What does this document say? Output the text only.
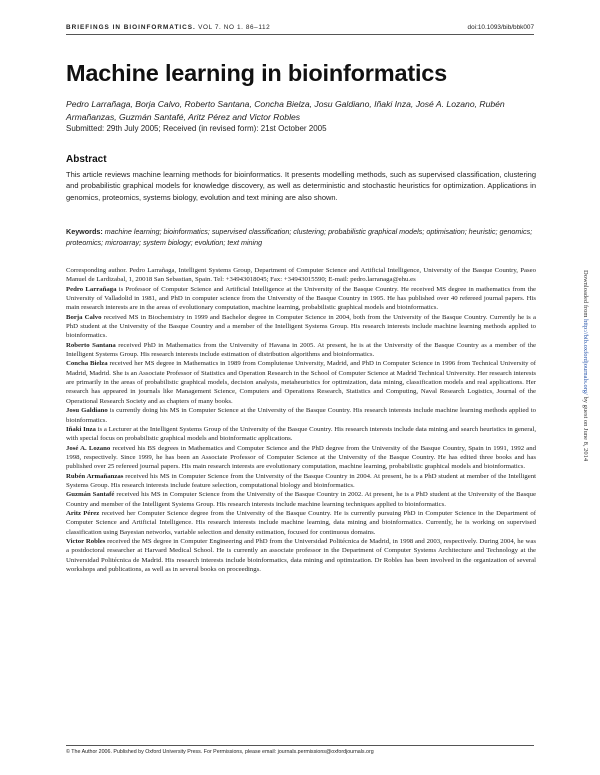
BRIEFINGS IN BIOINFORMATICS. VOL 7. NO 1. 86–112	doi:10.1093/bib/bbk007
Machine learning in bioinformatics
Pedro Larrañaga, Borja Calvo, Roberto Santana, Concha Bielza, Josu Galdiano, Iñaki Inza, José A. Lozano, Rubén Armañanzas, Guzmán Santafé, Aritz Pérez and Victor Robles
Submitted: 29th July 2005; Received (in revised form): 21st October 2005
Abstract

This article reviews machine learning methods for bioinformatics. It presents modelling methods, such as supervised classification, clustering and probabilistic graphical models for knowledge discovery, as well as deterministic and stochastic heuristics for optimization. Applications in genomics, proteomics, systems biology, evolution and text mining are also shown.

Keywords: machine learning; bioinformatics; supervised classification; clustering; probabilistic graphical models; optimisation; heuristic; genomics; proteomics; microarray; system biology; evolution; text mining

Corresponding author. Pedro Larrañaga, Intelligent Systems Group, Department of Computer Science and Artificial Intelligence, University of the Basque Country, Paseo Manuel de Lardizabal, 1, 20018 San Sebastian, Spain. Tel: +34943018045; Fax: +34943015590; E-mail: pedro.larranaga@ehu.es

Pedro Larrañaga is Professor of Computer Science and Artificial Intelligence at the University of the Basque Country. He received MS degree in mathematics from the University of Valladolid in 1981, and PhD in computer science from the University of the Basque Country in 1995. He has published over 40 refereed journal papers. His main research interests are in the areas of evolutionary computation, machine learning, probabilistic graphical models and bioinformatics.

Borja Calvo received MS in Biochemistry in 1999 and Bachelor degree in Computer Science in 2004, both from the University of the Basque Country. Currently he is a PhD student at the University of the Basque Country and a member of the Intelligent Systems Group. His research interests include machine learning methods applied to bioinformatics.

Roberto Santana received PhD in Mathematics from the University of Havana in 2005. At present, he is at the University of the Basque Country as a member of the Intelligent Systems Group. His research interests include estimation of distribution algorithms and bioinformatics.

Concha Bielza received her MS degree in Mathematics in 1989 from Complutense University, Madrid, and PhD in Computer Science in 1996 from Technical University of Madrid, Madrid. She is an Associate Professor of Statistics and Operation Research in the School of Computer Science at Madrid Technical University. Her research interests are primarily in the areas of probabilistic graphical models, decision analysis, metaheuristics for optimization, data mining, classification models and real applications. Her research has appeared in journals like Management Science, Computers and Operations Research, Statistics and Computing, Naval Research Logistics, Journal of the Operational Research Society and as chapters of many books.

Josu Galdiano is currently doing his MS in Computer Science at the University of the Basque Country. His research interests include machine learning methods applied to bioinformatics.

Iñaki Inza is a Lecturer at the Intelligent Systems Group of the University of the Basque Country. His research interests include data mining and search heuristics in general, with special focus on probabilistic graphical models and bioinformatic applications.

José A. Lozano received his BS degrees in Mathematics and Computer Science and the PhD degree from the University of the Basque Country, Spain in 1991, 1992 and 1998, respectively. Since 1999, he has been an Associate Professor of Computer Science at the University of the Basque Country. He has edited three books and has published over 25 refereed journal papers. His main research interests are evolutionary computation, machine learning, probabilistic graphical models and bioinformatics.

Rubén Armañanzas received his MS in Computer Science from the University of the Basque Country in 2004. At present, he is a PhD student at member of the Intelligent Systems Group. His research interests include feature selection, computational biology and bioinformatics.

Guzmán Santafé received his MS in Computer Science from the University of the Basque Country in 2002. At present, he is a PhD student at the University of the Basque Country and member of the Intelligent Systems Group. His research interests include machine learning techniques applied to bioinformatics.

Aritz Pérez received her Computer Science degree from the University of the Basque Country. He is currently pursuing PhD in Computer Science in the Department of Computer Science and Artificial Intelligence. His research interests include machine learning, data mining and bioinformatics. Currently, he is working on supervised classification using Bayesian networks, variable selection and density estimation, focused for continuous domains.

Victor Robles received the MS degree in Computer Engineering and PhD from the Universidad Politécnica de Madrid, in 1998 and 2003, respectively. During 2004, he was a postdoctoral researcher at Harvard Medical School. He is currently an associate professor in the Department of Computer Systems Architecture and Technology at the Universidad Politécnica de Madrid. His research interests include bioinformatics, data mining and optimization. Dr Robles has been involved in the organization of several workshops and publications, as well as in several books on proceedings.

Downloaded from http://bib.oxfordjournals.org/ by guest on June 8, 2014
© The Author 2006. Published by Oxford University Press. For Permissions, please email: journals.permissions@oxfordjournals.org
